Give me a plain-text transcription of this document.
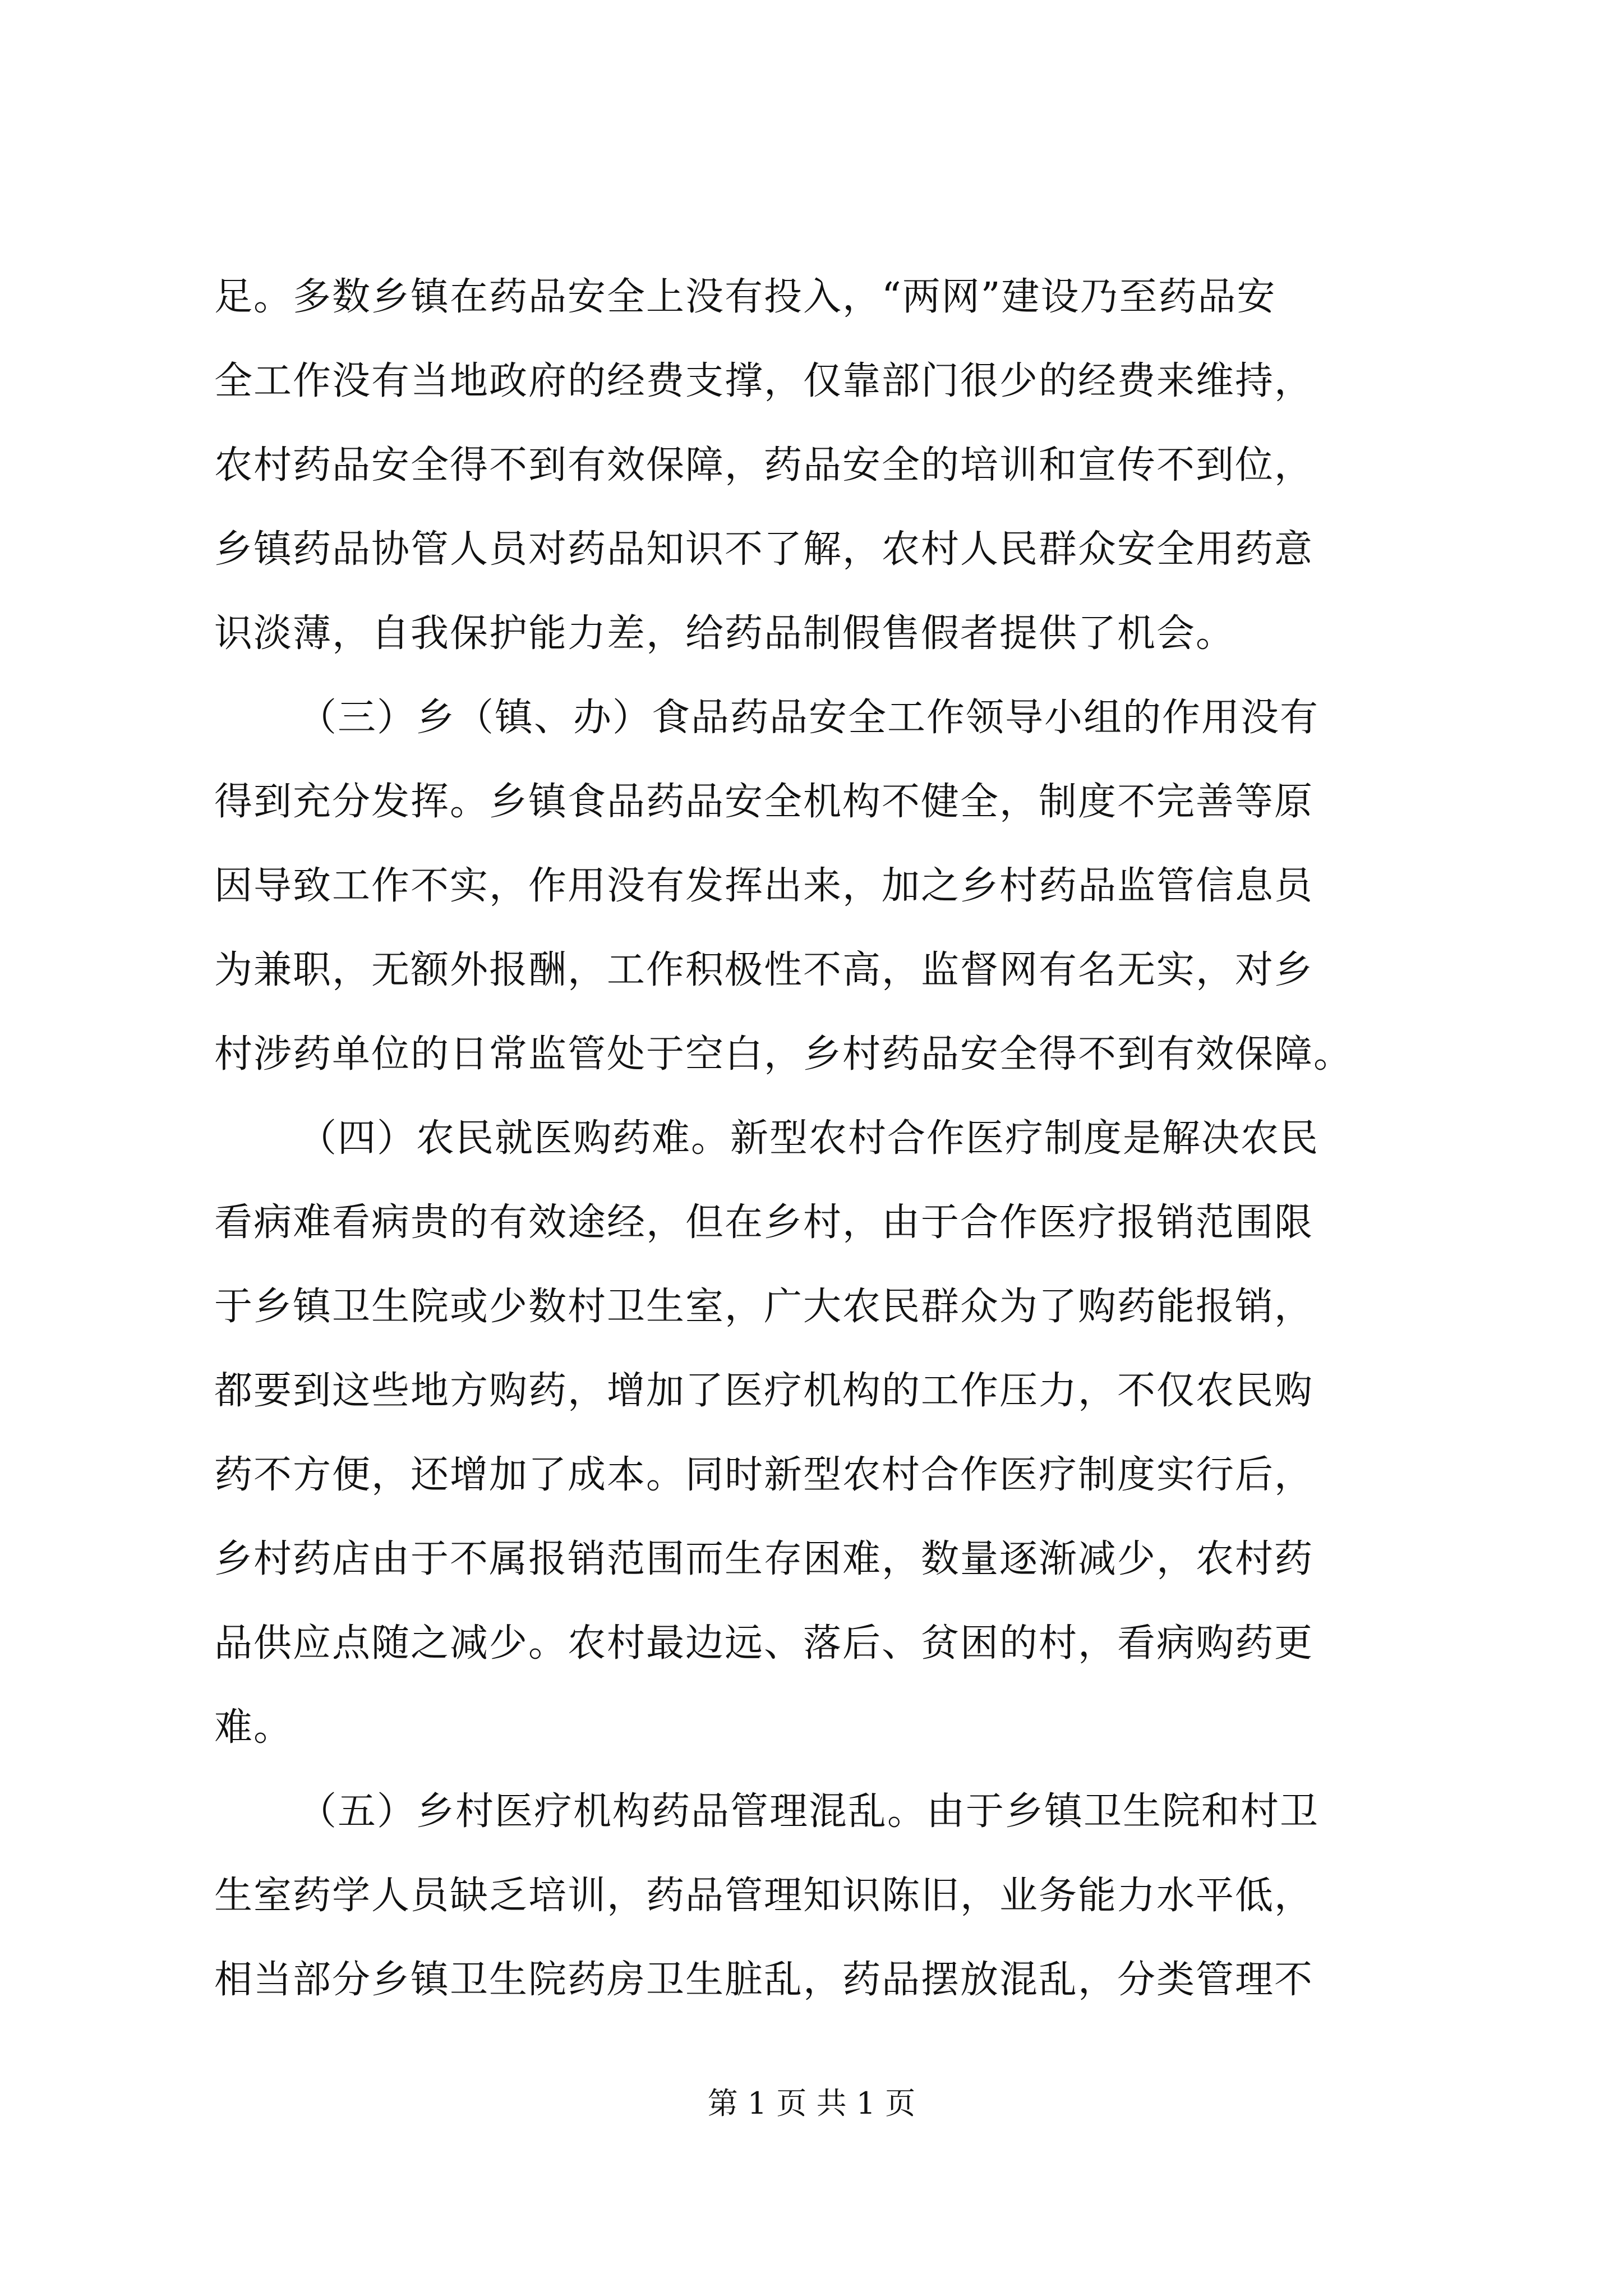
足。多数乡镇在药品安全上没有投入，“两网”建设乃至药品安
全工作没有当地政府的经费支撑，仅靠部门很少的经费来维持，
农村药品安全得不到有效保障，药品安全的培训和宣传不到位，
乡镇药品协管人员对药品知识不了解，农村人民群众安全用药意
识淡薄，自我保护能力差，给药品制假售假者提供了机会。
（三）乡（镇、办）食品药品安全工作领导小组的作用没有
得到充分发挥。乡镇食品药品安全机构不健全，制度不完善等原
因导致工作不实，作用没有发挥出来，加之乡村药品监管信息员
为兼职，无额外报酬，工作积极性不高，监督网有名无实，对乡
村涉药单位的日常监管处于空白，乡村药品安全得不到有效保障。
（四）农民就医购药难。新型农村合作医疗制度是解决农民
看病难看病贵的有效途经，但在乡村，由于合作医疗报销范围限
于乡镇卫生院或少数村卫生室，广大农民群众为了购药能报销，
都要到这些地方购药，增加了医疗机构的工作压力，不仅农民购
药不方便，还增加了成本。同时新型农村合作医疗制度实行后，
乡村药店由于不属报销范围而生存困难，数量逐渐减少，农村药
品供应点随之减少。农村最边远、落后、贫困的村，看病购药更
难。
（五）乡村医疗机构药品管理混乱。由于乡镇卫生院和村卫
生室药学人员缺乏培训，药品管理知识陈旧，业务能力水平低，
相当部分乡镇卫生院药房卫生脏乱，药品摆放混乱，分类管理不
第 1 页 共 1 页
